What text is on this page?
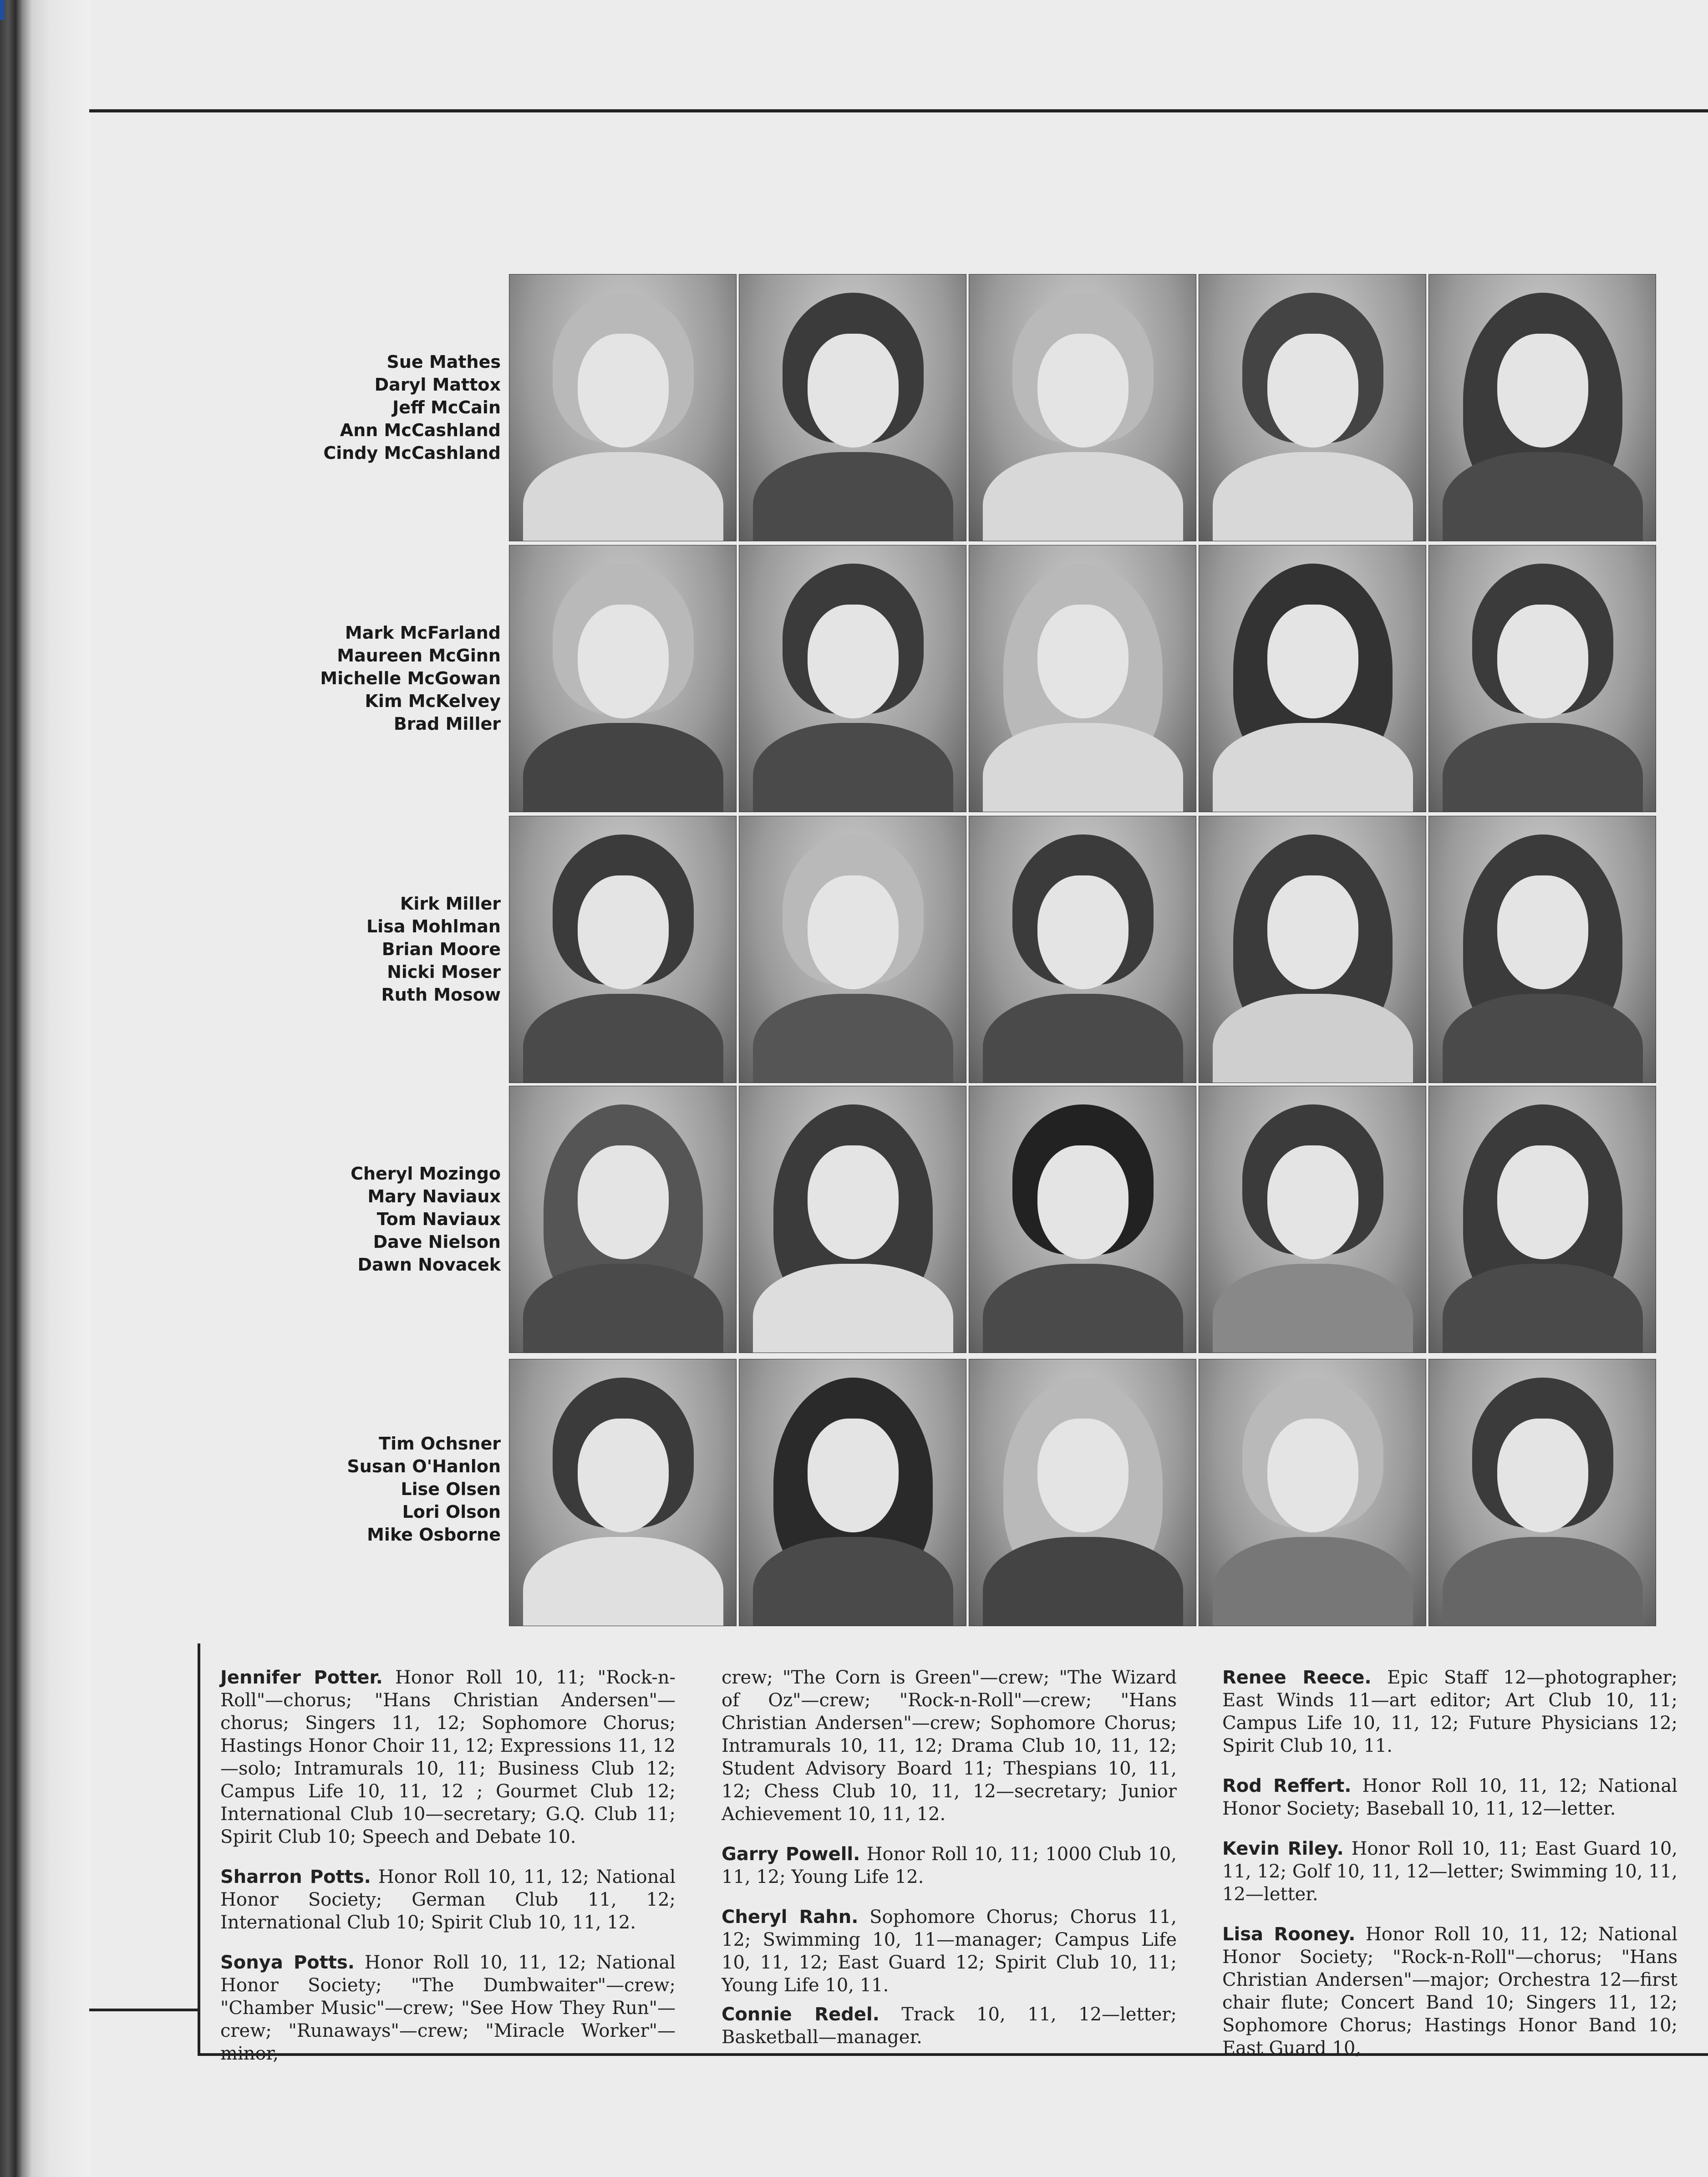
Sue Mathes
Daryl Mattox
Jeff McCain
Ann McCashland
Cindy McCashland
Mark McFarland
Maureen McGinn
Michelle McGowan
Kim McKelvey
Brad Miller
Kirk Miller
Lisa Mohlman
Brian Moore
Nicki Moser
Ruth Mosow
Cheryl Mozingo
Mary Naviaux
Tom Naviaux
Dave Nielson
Dawn Novacek
Tim Ochsner
Susan O'Hanlon
Lise Olsen
Lori Olson
Mike Osborne

Jennifer Potter. Honor Roll 10, 11; "Rock-n-Roll"—chorus; "Hans Christian Andersen"—chorus; Singers 11, 12; Sophomore Chorus; Hastings Honor Choir 11, 12; Expressions 11, 12—solo; Intramurals 10, 11; Business Club 12; Campus Life 10, 11, 12 ; Gourmet Club 12; International Club 10—secretary; G.Q. Club 11; Spirit Club 10; Speech and Debate 10.

Sharron Potts. Honor Roll 10, 11, 12; National Honor Society; German Club 11, 12; International Club 10; Spirit Club 10, 11, 12.

Sonya Potts. Honor Roll 10, 11, 12; National Honor Society; "The Dumbwaiter"—crew; "Chamber Music"—crew; "See How They Run"—crew; "Runaways"—crew; "Miracle Worker"—minor,

crew; "The Corn is Green"—crew; "The Wizard of Oz"—crew; "Rock-n-Roll"—crew; "Hans Christian Andersen"—crew; Sophomore Chorus; Intramurals 10, 11, 12; Drama Club 10, 11, 12; Student Advisory Board 11; Thespians 10, 11, 12; Chess Club 10, 11, 12—secretary; Junior Achievement 10, 11, 12.

Garry Powell. Honor Roll 10, 11; 1000 Club 10, 11, 12; Young Life 12.

Cheryl Rahn. Sophomore Chorus; Chorus 11, 12; Swimming 10, 11—manager; Campus Life 10, 11, 12; East Guard 12; Spirit Club 10, 11; Young Life 10, 11.

Connie Redel. Track 10, 11, 12—letter; Basketball—manager.

Renee Reece. Epic Staff 12—photographer; East Winds 11—art editor; Art Club 10, 11; Campus Life 10, 11, 12; Future Physicians 12; Spirit Club 10, 11.

Rod Reffert. Honor Roll 10, 11, 12; National Honor Society; Baseball 10, 11, 12—letter.

Kevin Riley. Honor Roll 10, 11; East Guard 10, 11, 12; Golf 10, 11, 12—letter; Swimming 10, 11, 12—letter.

Lisa Rooney. Honor Roll 10, 11, 12; National Honor Society; "Rock-n-Roll"—chorus; "Hans Christian Andersen"—major; Orchestra 12—first chair flute; Concert Band 10; Singers 11, 12; Sophomore Chorus; Hastings Honor Band 10; East Guard 10,
